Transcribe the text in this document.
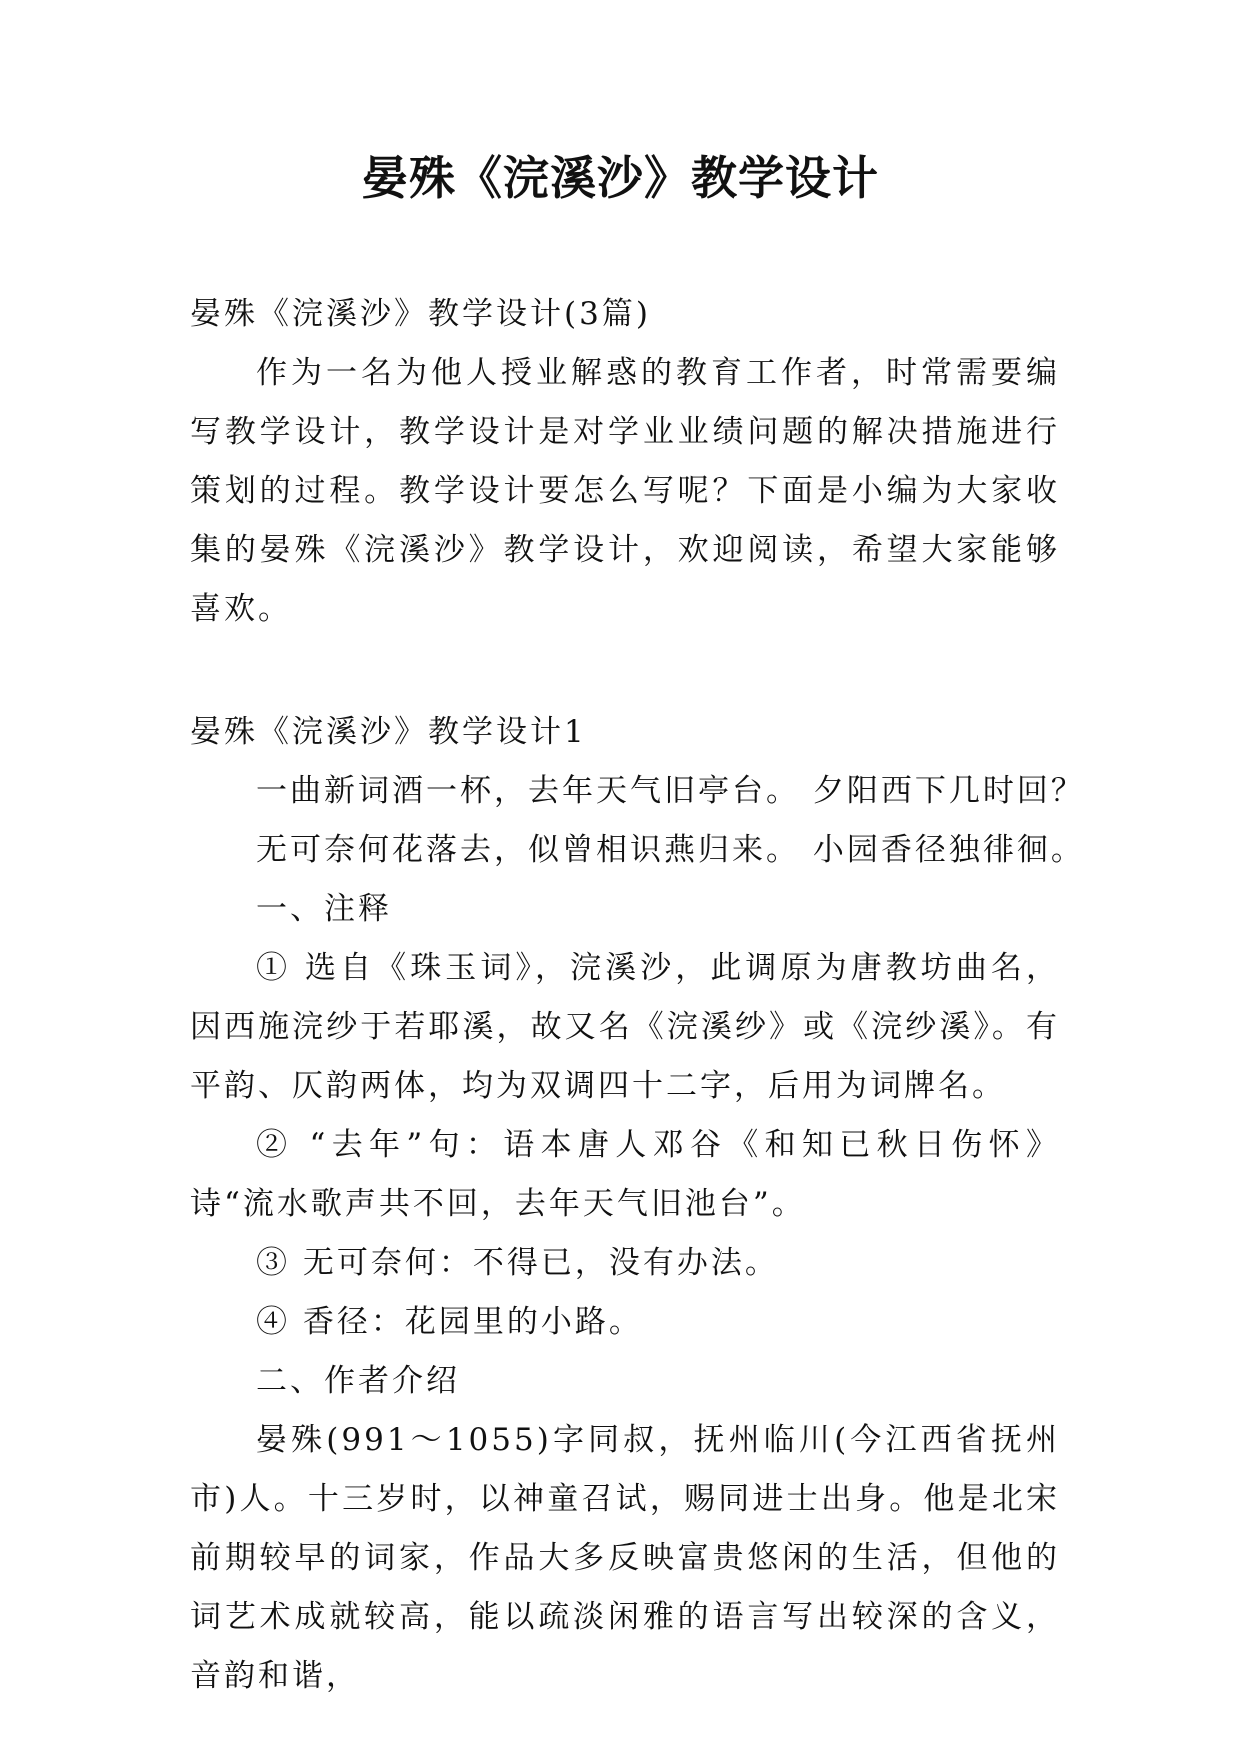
晏殊《浣溪沙》教学设计

晏殊《浣溪沙》教学设计(3篇)

作为一名为他人授业解惑的教育工作者，时常需要编写教学设计，教学设计是对学业业绩问题的解决措施进行策划的过程。教学设计要怎么写呢？下面是小编为大家收集的晏殊《浣溪沙》教学设计，欢迎阅读，希望大家能够喜欢。

晏殊《浣溪沙》教学设计1

一曲新词酒一杯，去年天气旧亭台。 夕阳西下几时回？

无可奈何花落去，似曾相识燕归来。 小园香径独徘徊。

一、注释

① 选自《珠玉词》，浣溪沙，此调原为唐教坊曲名，因西施浣纱于若耶溪，故又名《浣溪纱》或《浣纱溪》。有平韵、仄韵两体，均为双调四十二字，后用为词牌名。

② “去年”句：语本唐人邓谷《和知已秋日伤怀》诗“流水歌声共不回，去年天气旧池台”。

③ 无可奈何：不得已，没有办法。

④ 香径：花园里的小路。

二、作者介绍

晏殊(991～1055)字同叔，抚州临川(今江西省抚州市)人。十三岁时，以神童召试，赐同进士出身。他是北宋前期较早的词家，作品大多反映富贵悠闲的生活，但他的词艺术成就较高，能以疏淡闲雅的语言写出较深的含义，音韵和谐，
